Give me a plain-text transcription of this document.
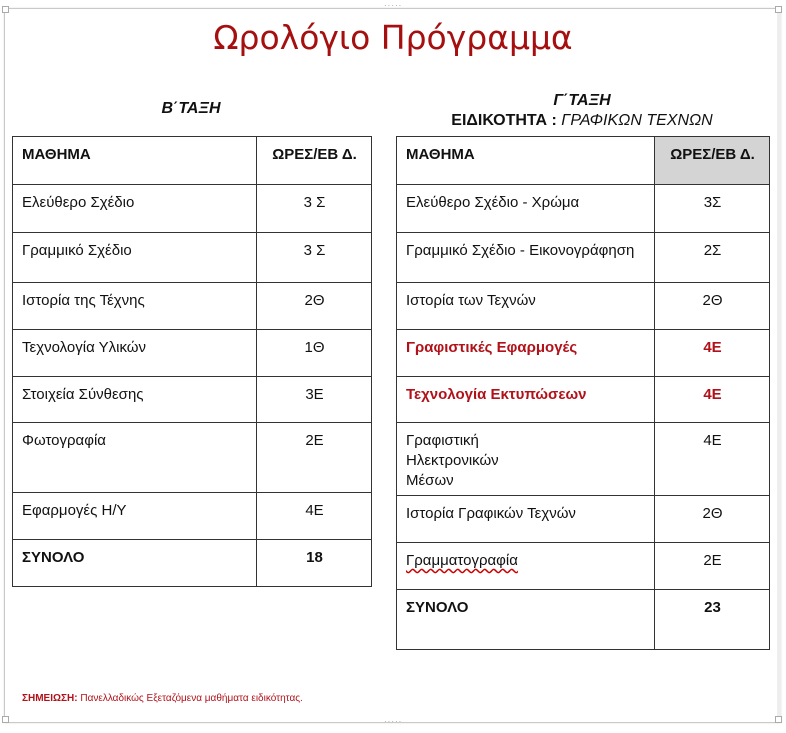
·····
·····
Ωρολόγιο Πρόγραμμα
Β΄ΤΑΞΗ	Γ΄ΤΑΞΗ
ΕΙΔΙΚΟΤΗΤΑ : ΓΡΑΦΙΚΩΝ ΤΕΧΝΩΝ
ΜΑΘΗΜΑ	ΩΡΕΣ/ΕΒ Δ.
Ελεύθερο Σχέδιο	3 Σ
Γραμμικό Σχέδιο	3 Σ
Ιστορία της Τέχνης	2Θ
Τεχνολογία Υλικών	1Θ
Στοιχεία Σύνθεσης	3Ε
Φωτογραφία	2Ε
Εφαρμογές Η/Υ	4Ε
ΣΥΝΟΛΟ	18
ΜΑΘΗΜΑ	ΩΡΕΣ/ΕΒ Δ.
Ελεύθερο Σχέδιο - Χρώμα	3Σ
Γραμμικό Σχέδιο - Εικονογράφηση	2Σ
Ιστορία των Τεχνών	2Θ
Γραφιστικές Εφαρμογές	4Ε
Τεχνολογία Εκτυπώσεων	4Ε

Γραφιστική Ηλεκτρονικών Μέσων	4Ε
Ιστορία Γραφικών Τεχνών	2Θ
Γραμματογραφία	2Ε
ΣΥΝΟΛΟ	23
ΣΗΜΕΙΩΣΗ: Πανελλαδικώς Εξεταζόμενα μαθήματα ειδικότητας.
